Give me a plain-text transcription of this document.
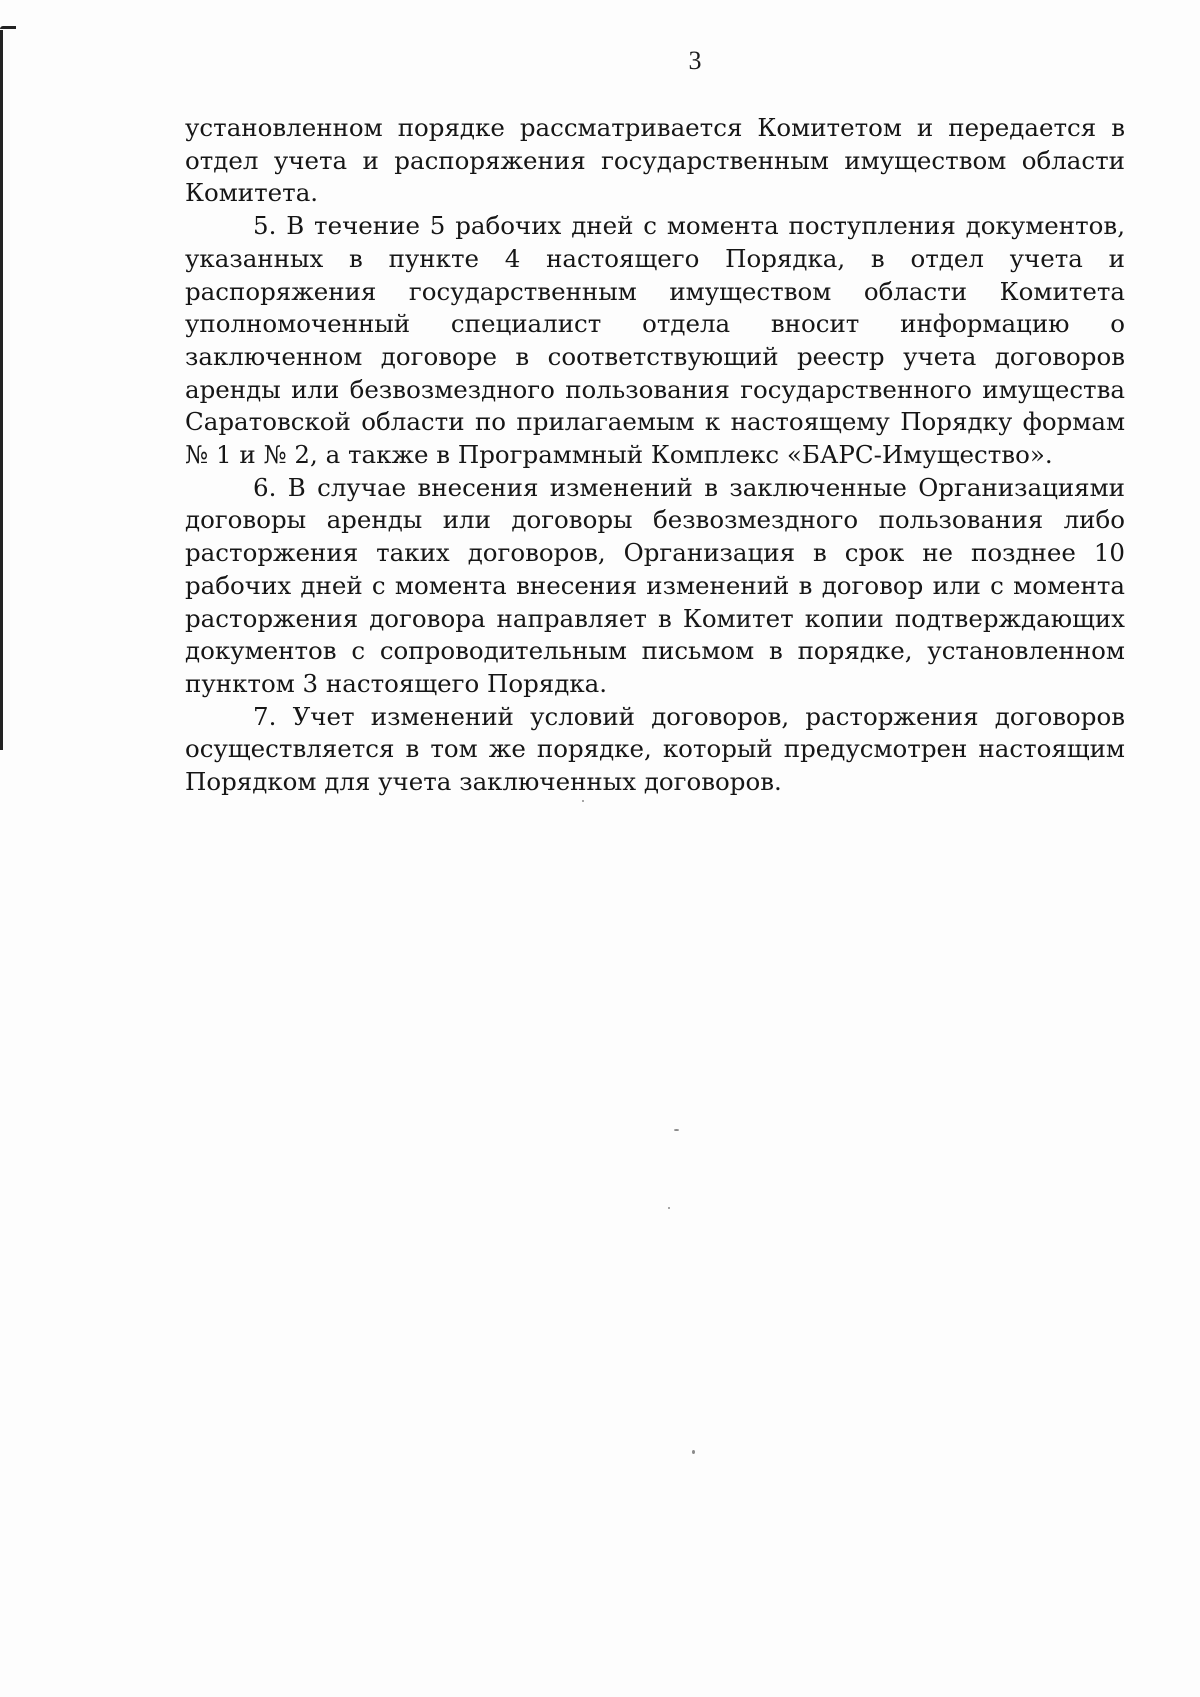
3

установленном порядке рассматривается Комитетом и передается в отдел учета и распоряжения государственным имуществом области Комитета.

5. В течение 5 рабочих дней с момента поступления документов, указанных в пункте 4 настоящего Порядка, в отдел учета и распоряжения государственным имуществом области Комитета уполномоченный специалист отдела вносит информацию о заключенном договоре в соответствующий реестр учета договоров аренды или безвозмездного пользования государственного имущества Саратовской области по прилагаемым к настоящему Порядку формам № 1 и № 2, а также в Программный Комплекс «БАРС-Имущество».

6. В случае внесения изменений в заключенные Организациями договоры аренды или договоры безвозмездного пользования либо расторжения таких договоров, Организация в срок не позднее 10 рабочих дней с момента внесения изменений в договор или с момента расторжения договора направляет в Комитет копии подтверждающих документов с сопроводительным письмом в порядке, установленном пунктом 3 настоящего Порядка.

7. Учет изменений условий договоров, расторжения договоров осуществляется в том же порядке, который предусмотрен настоящим Порядком для учета заключенных договоров.
